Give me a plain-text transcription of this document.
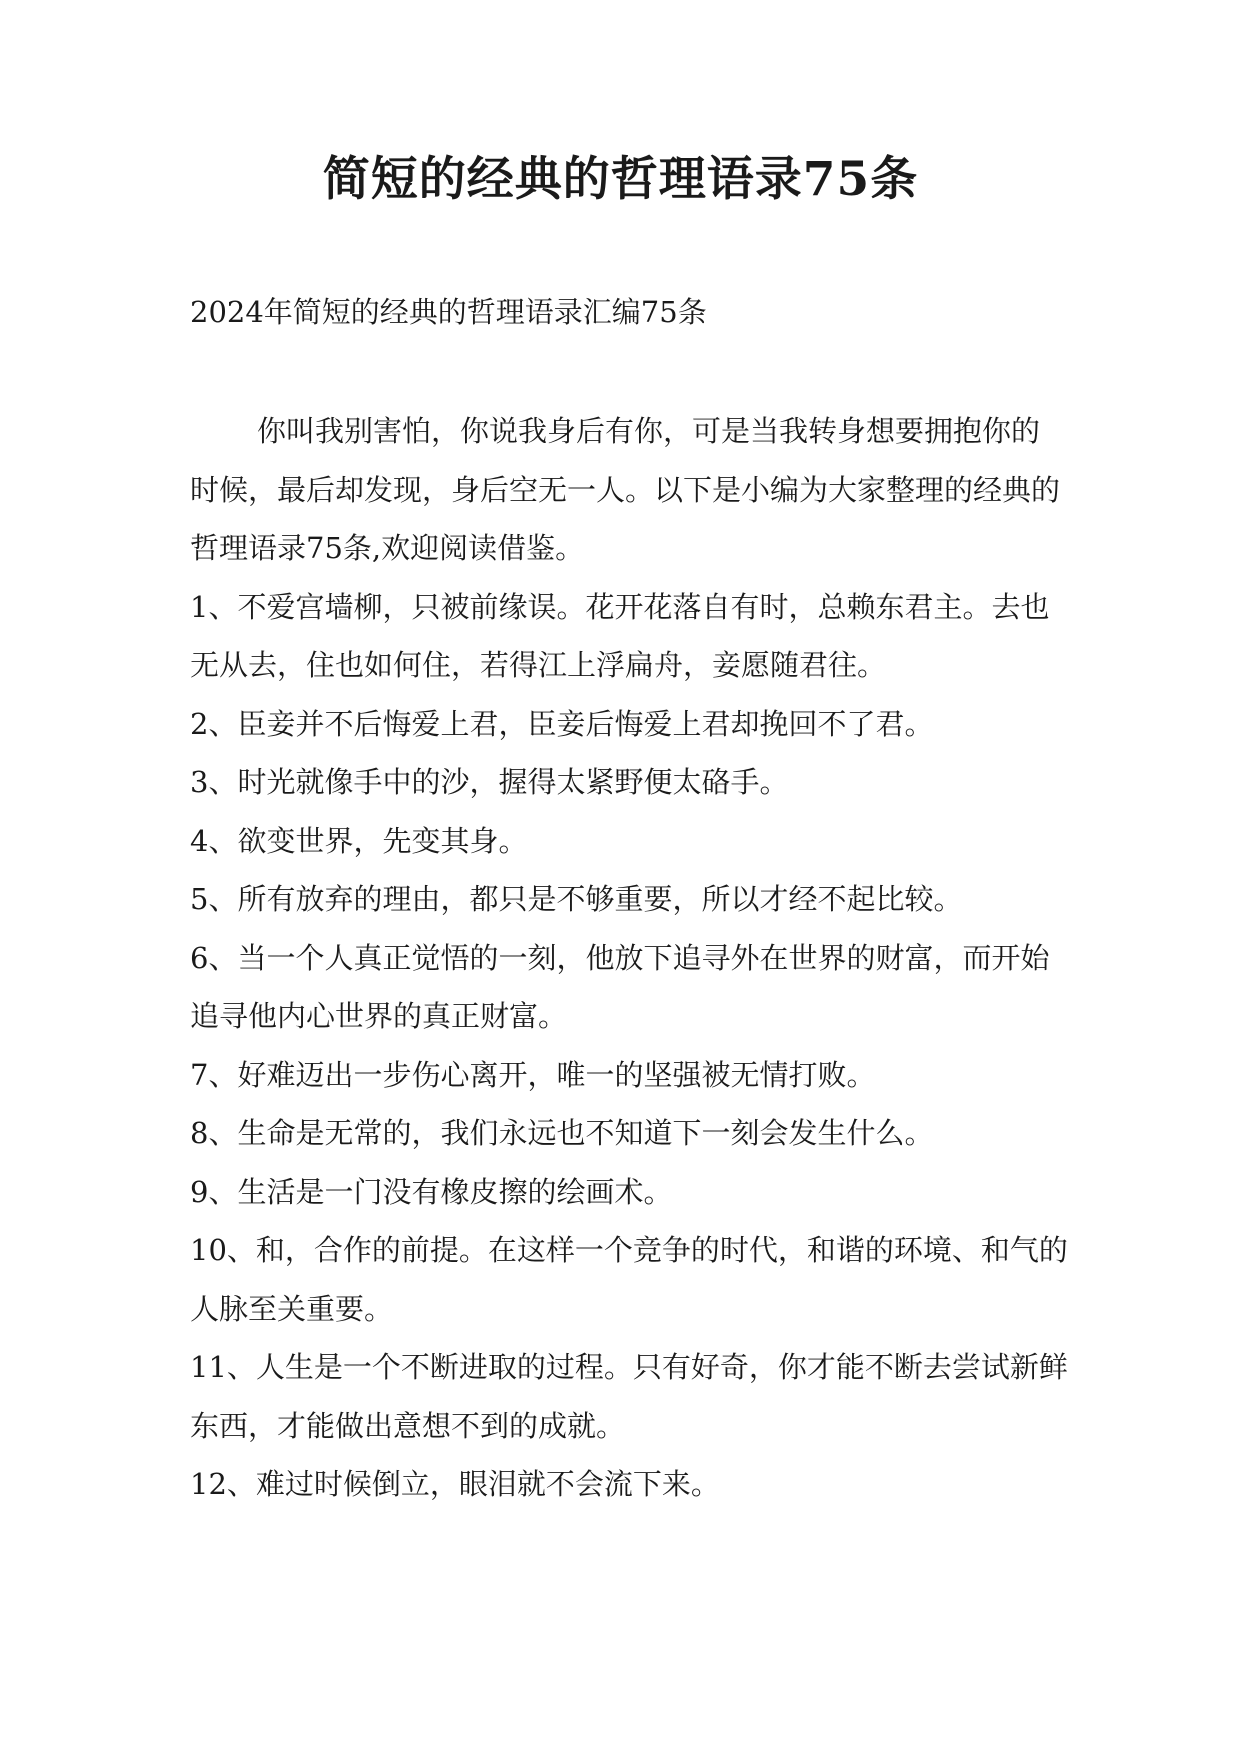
简短的经典的哲理语录75条
2024年简短的经典的哲理语录汇编75条

你叫我别害怕，你说我身后有你，可是当我转身想要拥抱你的时候，最后却发现，身后空无一人。以下是小编为大家整理的经典的哲理语录75条,欢迎阅读借鉴。

1、不爱宫墙柳，只被前缘误。花开花落自有时，总赖东君主。去也无从去，住也如何住，若得江上浮扁舟，妾愿随君往。
2、臣妾并不后悔爱上君，臣妾后悔爱上君却挽回不了君。
3、时光就像手中的沙，握得太紧野便太硌手。
4、欲变世界，先变其身。
5、所有放弃的理由，都只是不够重要，所以才经不起比较。
6、当一个人真正觉悟的一刻，他放下追寻外在世界的财富，而开始追寻他内心世界的真正财富。
7、好难迈出一步伤心离开，唯一的坚强被无情打败。
8、生命是无常的，我们永远也不知道下一刻会发生什么。
9、生活是一门没有橡皮擦的绘画术。
10、和，合作的前提。在这样一个竞争的时代，和谐的环境、和气的人脉至关重要。
11、人生是一个不断进取的过程。只有好奇，你才能不断去尝试新鲜东西，才能做出意想不到的成就。
12、难过时候倒立，眼泪就不会流下来。
